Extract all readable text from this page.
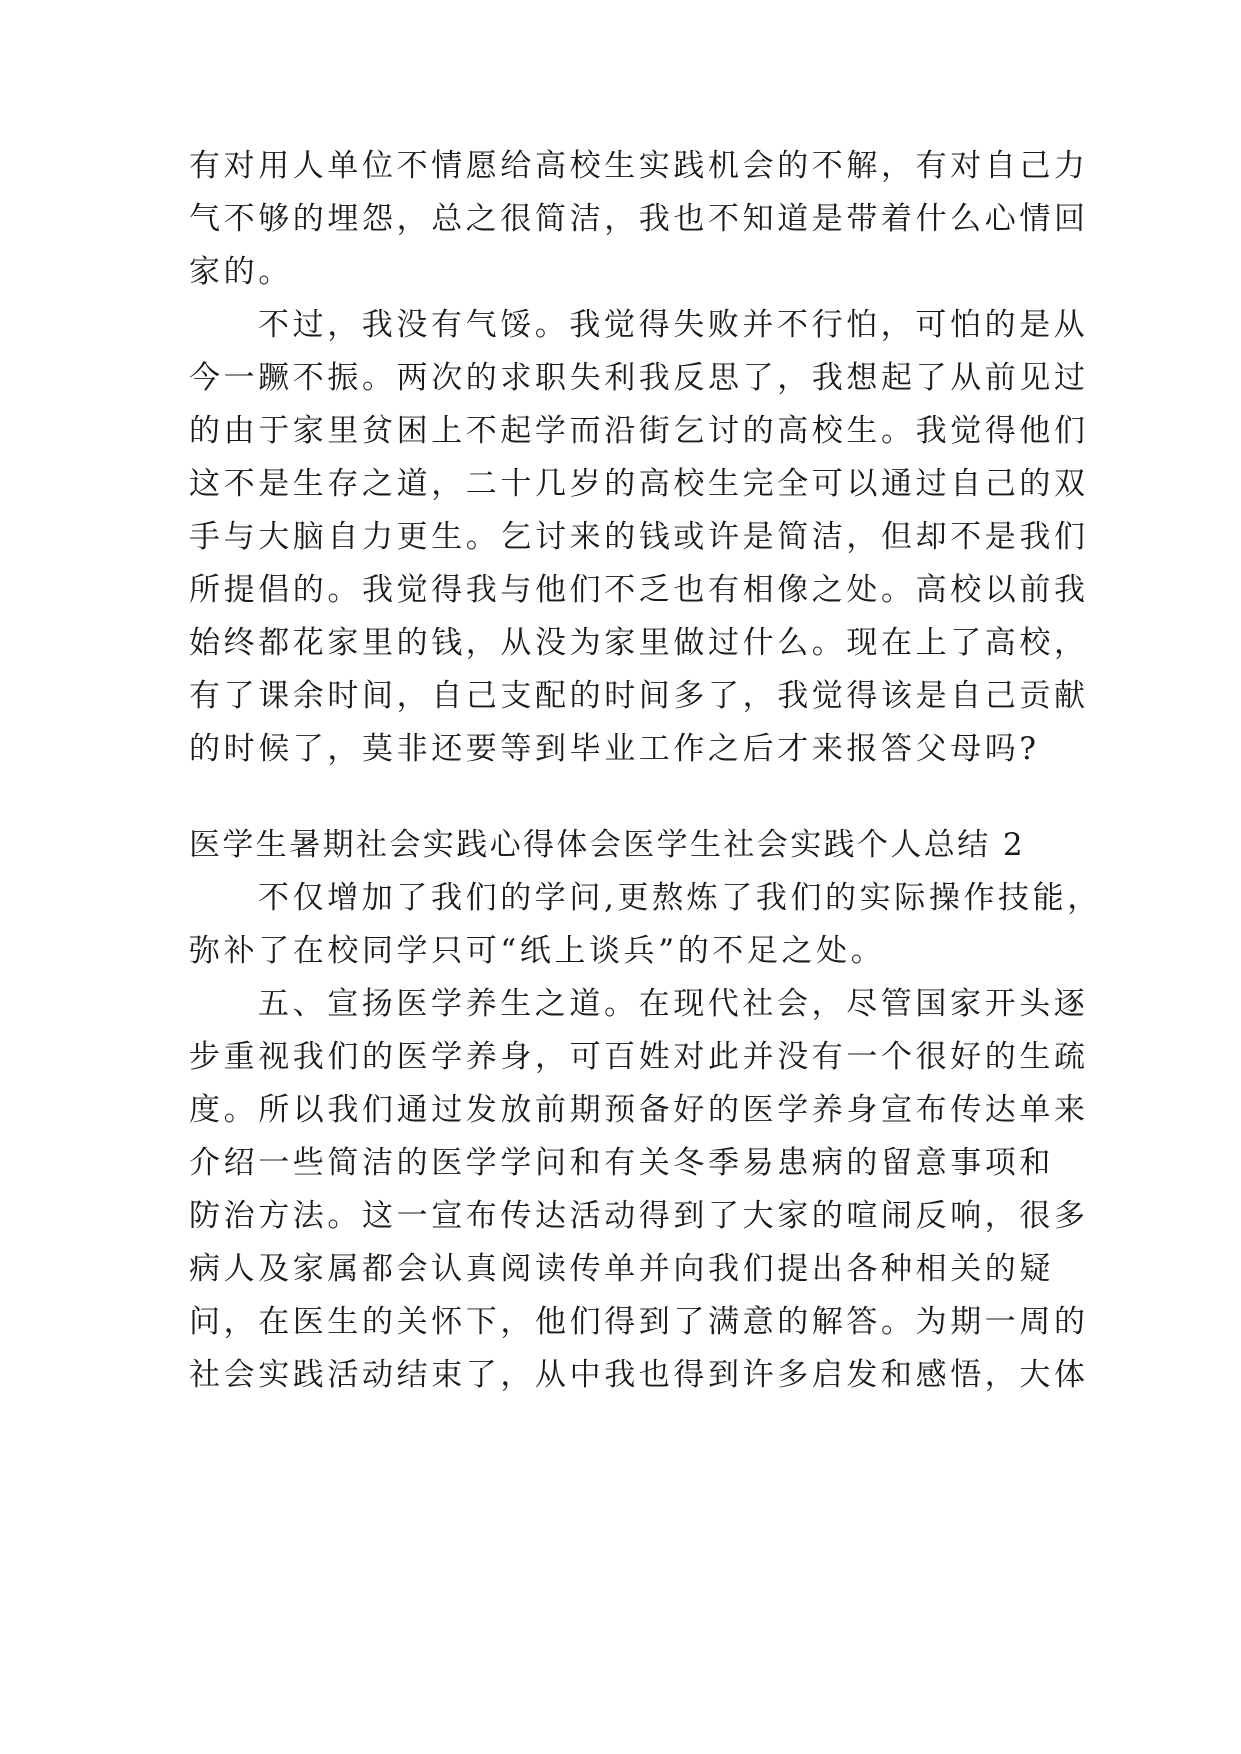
有对用人单位不情愿给高校生实践机会的不解，有对自己力
气不够的埋怨，总之很简洁，我也不知道是带着什么心情回
家的。
不过，我没有气馁。我觉得失败并不行怕，可怕的是从
今一蹶不振。两次的求职失利我反思了，我想起了从前见过
的由于家里贫困上不起学而沿街乞讨的高校生。我觉得他们
这不是生存之道，二十几岁的高校生完全可以通过自己的双
手与大脑自力更生。乞讨来的钱或许是简洁，但却不是我们
所提倡的。我觉得我与他们不乏也有相像之处。高校以前我
始终都花家里的钱，从没为家里做过什么。现在上了高校，
有了课余时间，自己支配的时间多了，我觉得该是自己贡献
的时候了，莫非还要等到毕业工作之后才来报答父母吗?
医学生暑期社会实践心得体会医学生社会实践个人总结 2
不仅增加了我们的学问,更熬炼了我们的实际操作技能，
弥补了在校同学只可“纸上谈兵”的不足之处。
五、宣扬医学养生之道。在现代社会，尽管国家开头逐
步重视我们的医学养身，可百姓对此并没有一个很好的生疏
度。所以我们通过发放前期预备好的医学养身宣布传达单来
介绍一些简洁的医学学问和有关冬季易患病的留意事项和
防治方法。这一宣布传达活动得到了大家的喧闹反响，很多
病人及家属都会认真阅读传单并向我们提出各种相关的疑
问，在医生的关怀下，他们得到了满意的解答。为期一周的
社会实践活动结束了，从中我也得到许多启发和感悟，大体
